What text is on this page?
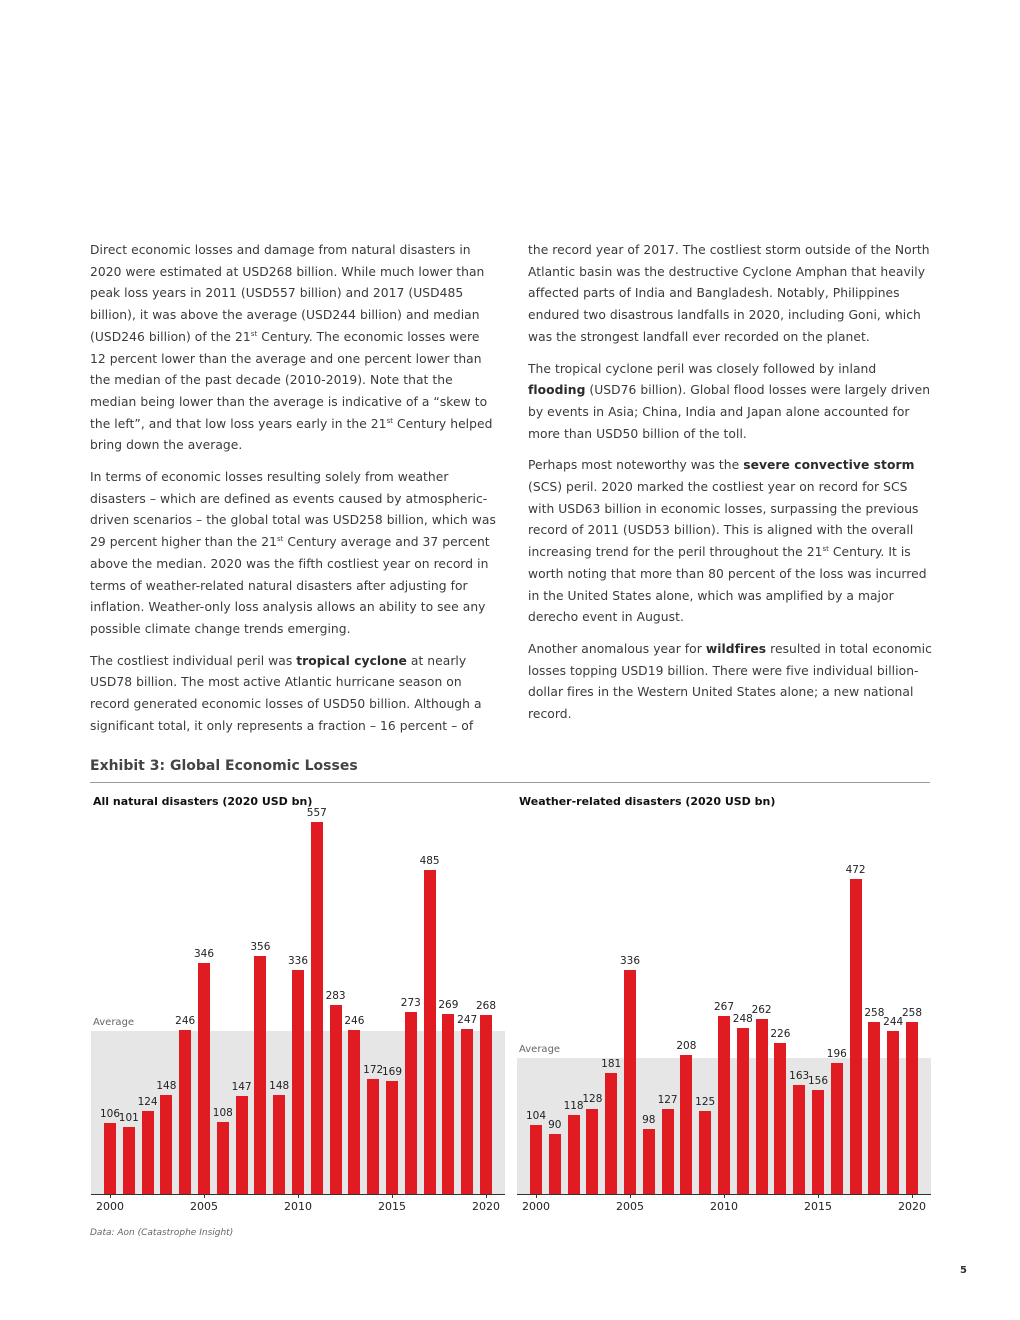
Direct economic losses and damage from natural disasters in 2020 were estimated at USD268 billion. While much lower than peak loss years in 2011 (USD557 billion) and 2017 (USD485 billion), it was above the average (USD244 billion) and median (USD246 billion) of the 21st Century. The economic losses were 12 percent lower than the average and one percent lower than the median of the past decade (2010-2019). Note that the median being lower than the average is indicative of a “skew to the left”, and that low loss years early in the 21st Century helped bring down the average.

In terms of economic losses resulting solely from weather disasters – which are defined as events caused by atmospheric-driven scenarios – the global total was USD258 billion, which was 29 percent higher than the 21st Century average and 37 percent above the median. 2020 was the fifth costliest year on record in terms of weather-related natural disasters after adjusting for inflation. Weather-only loss analysis allows an ability to see any possible climate change trends emerging.

The costliest individual peril was tropical cyclone at nearly USD78 billion. The most active Atlantic hurricane season on record generated economic losses of USD50 billion. Although a significant total, it only represents a fraction – 16 percent – of

the record year of 2017. The costliest storm outside of the North Atlantic basin was the destructive Cyclone Amphan that heavily affected parts of India and Bangladesh. Notably, Philippines endured two disastrous landfalls in 2020, including Goni, which was the strongest landfall ever recorded on the planet.

The tropical cyclone peril was closely followed by inland flooding (USD76 billion). Global flood losses were largely driven by events in Asia; China, India and Japan alone accounted for more than USD50 billion of the toll.

Perhaps most noteworthy was the severe convective storm (SCS) peril. 2020 marked the costliest year on record for SCS with USD63 billion in economic losses, surpassing the previous record of 2011 (USD53 billion). This is aligned with the overall increasing trend for the peril throughout the 21st Century. It is worth noting that more than 80 percent of the loss was incurred in the United States alone, which was amplified by a major derecho event in August.

Another anomalous year for wildfires resulted in total economic losses topping USD19 billion. There were five individual billion-dollar fires in the Western United States alone; a new national record.

Exhibit 3: Global Economic Losses
Average
106
101
124
148
246
346
108
147
356
148
336
557
283
246
172
169
273
485
269
247
268
2000	2005	2010	2015	2020
All natural disasters (2020 USD bn)
Average
104
90
118
128
181
336
98
127
208
125
267
248
262
226
163
156
196
472
258
244
258
2000	2005	2010	2015	2020
Weather-related disasters (2020 USD bn)
Data: Aon (Catastrophe Insight)
5
